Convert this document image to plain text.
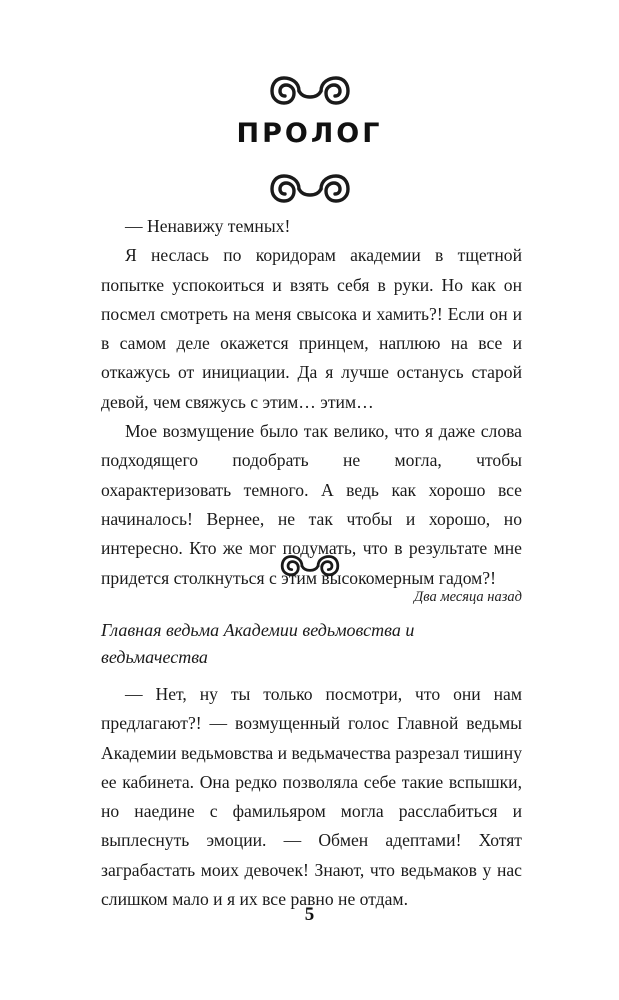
ПРОЛОГ

— Ненавижу темных!

Я неслась по коридорам академии в тщетной попытке успокоиться и взять себя в руки. Но как он посмел смотреть на меня свысока и хамить?! Если он и в самом деле окажется принцем, наплюю на все и откажусь от инициации. Да я лучше останусь старой девой, чем свяжусь с этим… этим…

Мое возмущение было так велико, что я даже слова подходящего подобрать не могла, чтобы охарактеризовать темного. А ведь как хорошо все начиналось! Вернее, не так чтобы и хорошо, но интересно. Кто же мог подумать, что в результате мне придется столкнуться с этим высокомерным гадом?!

Два месяца назад
Главная ведьма Академии ведьмовства и ведьмачества

— Нет, ну ты только посмотри, что они нам предлагают?! — возмущенный голос Главной ведьмы Академии ведьмовства и ведьмачества разрезал тишину ее кабинета. Она редко позволяла себе такие вспышки, но наедине с фамильяром могла расслабиться и выплеснуть эмоции. — Обмен адептами! Хотят заграбастать моих девочек! Знают, что ведьмаков у нас слишком мало и я их все равно не отдам.

5
